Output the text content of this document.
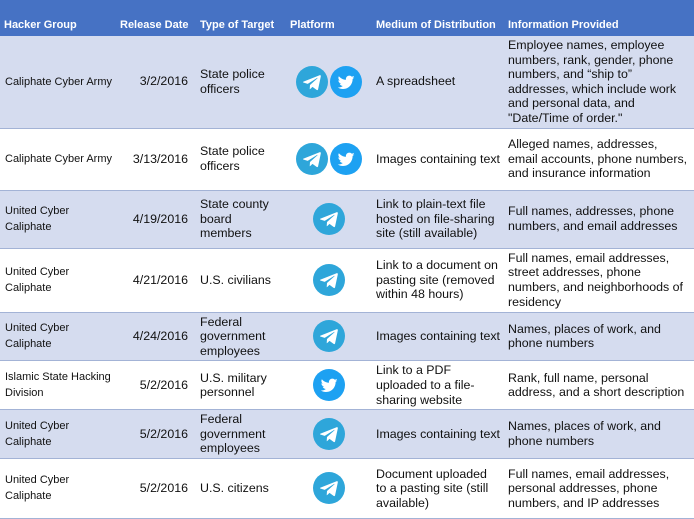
Hacker Group	Release Date	Type of Target	Platform	Medium of Distribution	Information Provided
Caliphate Cyber Army	3/2/2016	State police officers		A spreadsheet	Employee names, employee numbers, rank, gender, phone numbers, and “ship to” addresses, which include work and personal data, and "Date/Time of order."
Caliphate Cyber Army	3/13/2016	State police officers		Images containing text	Alleged names, addresses, email accounts, phone numbers, and insurance information
United Cyber Caliphate	4/19/2016	State county board members		Link to plain-text file hosted on file-sharing site (still available)	Full names, addresses, phone numbers, and email addresses
United Cyber Caliphate	4/21/2016	U.S. civilians		Link to a document on pasting site (removed within 48 hours)	Full names, email addresses, street addresses, phone numbers, and neighborhoods of residency
United Cyber Caliphate	4/24/2016	Federal government employees		Images containing text	Names, places of work, and phone numbers
Islamic State Hacking Division	5/2/2016	U.S. military personnel		Link to a PDF uploaded to a file-sharing website	Rank, full name, personal address, and a short description
United Cyber Caliphate	5/2/2016	Federal government employees		Images containing text	Names, places of work, and phone numbers
United Cyber Caliphate	5/2/2016	U.S. citizens		Document uploaded to a pasting site (still available)	Full names, email addresses, personal addresses, phone numbers, and IP addresses
